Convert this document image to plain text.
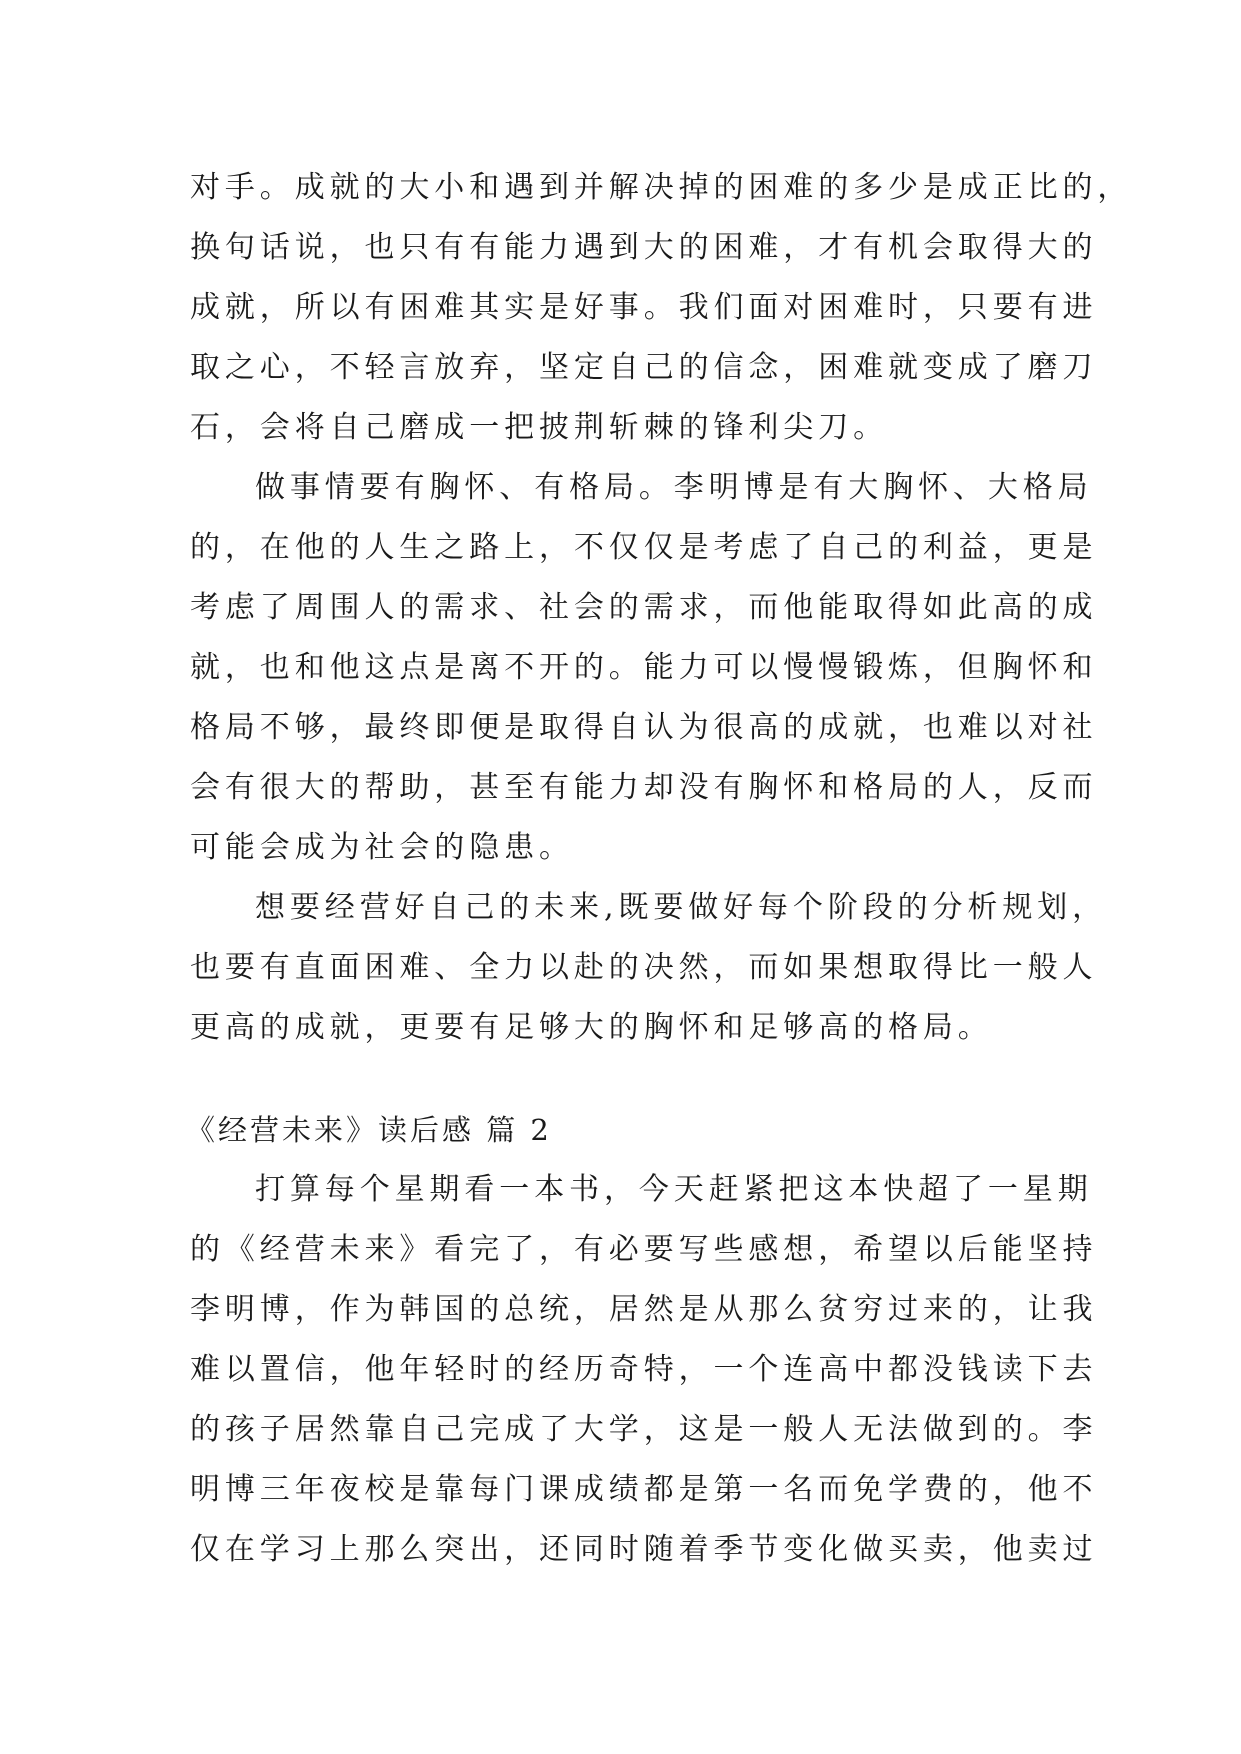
对手。成就的大小和遇到并解决掉的困难的多少是成正比的，
换句话说，也只有有能力遇到大的困难，才有机会取得大的
成就，所以有困难其实是好事。我们面对困难时，只要有进
取之心，不轻言放弃，坚定自己的信念，困难就变成了磨刀
石，会将自己磨成一把披荆斩棘的锋利尖刀。
做事情要有胸怀、有格局。李明博是有大胸怀、大格局
的，在他的人生之路上，不仅仅是考虑了自己的利益，更是
考虑了周围人的需求、社会的需求，而他能取得如此高的成
就，也和他这点是离不开的。能力可以慢慢锻炼，但胸怀和
格局不够，最终即便是取得自认为很高的成就，也难以对社
会有很大的帮助，甚至有能力却没有胸怀和格局的人，反而
可能会成为社会的隐患。
想要经营好自己的未来,既要做好每个阶段的分析规划，
也要有直面困难、全力以赴的决然，而如果想取得比一般人
更高的成就，更要有足够大的胸怀和足够高的格局。
《经营未来》读后感 篇 2
打算每个星期看一本书，今天赶紧把这本快超了一星期
的《经营未来》看完了，有必要写些感想，希望以后能坚持
李明博，作为韩国的总统，居然是从那么贫穷过来的，让我
难以置信，他年轻时的经历奇特，一个连高中都没钱读下去
的孩子居然靠自己完成了大学，这是一般人无法做到的。李
明博三年夜校是靠每门课成绩都是第一名而免学费的，他不
仅在学习上那么突出，还同时随着季节变化做买卖，他卖过
